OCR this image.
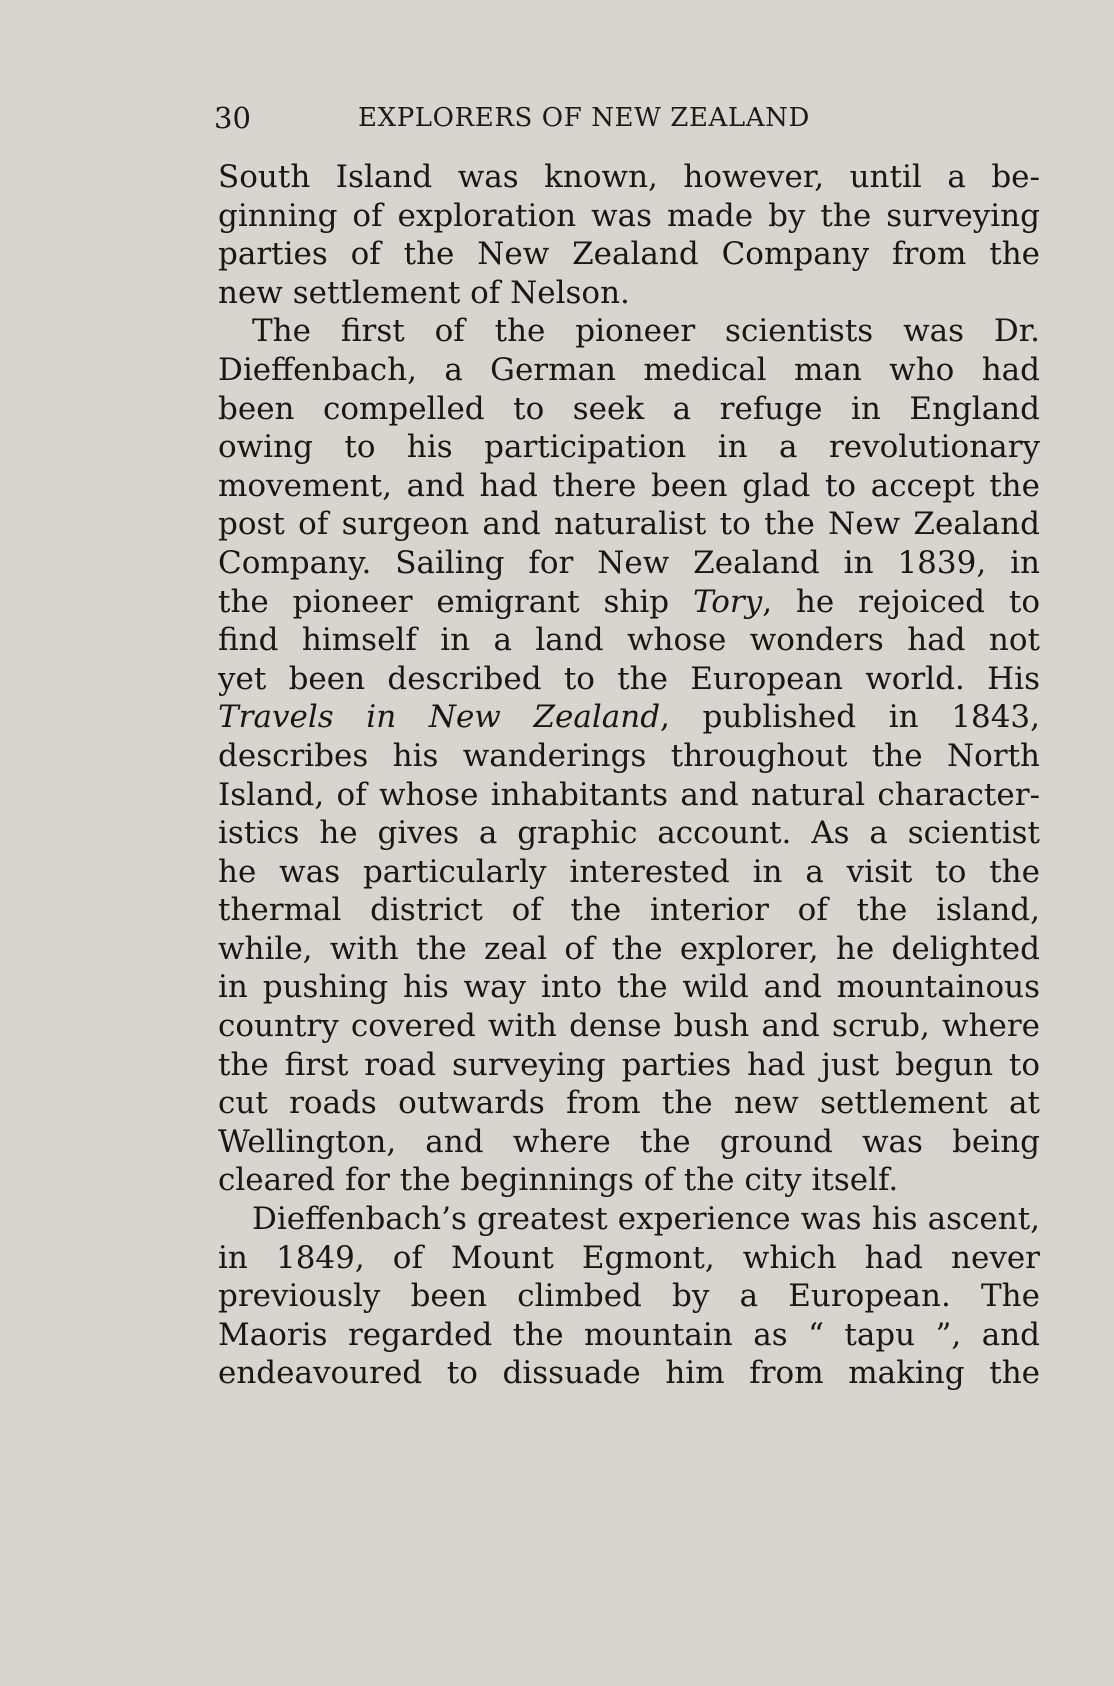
30	EXPLORERS OF NEW ZEALAND
South Island was known, however, until a be-
ginning of exploration was made by the surveying
parties of the New Zealand Company from the
new settlement of Nelson.
The first of the pioneer scientists was Dr.
Dieffenbach, a German medical man who had
been compelled to seek a refuge in England
owing to his participation in a revolutionary
movement, and had there been glad to accept the
post of surgeon and naturalist to the New Zealand
Company. Sailing for New Zealand in 1839, in
the pioneer emigrant ship Tory, he rejoiced to
find himself in a land whose wonders had not
yet been described to the European world. His
Travels in New Zealand, published in 1843,
describes his wanderings throughout the North
Island, of whose inhabitants and natural character-
istics he gives a graphic account. As a scientist
he was particularly interested in a visit to the
thermal district of the interior of the island,
while, with the zeal of the explorer, he delighted
in pushing his way into the wild and mountainous
country covered with dense bush and scrub, where
the first road surveying parties had just begun to
cut roads outwards from the new settlement at
Wellington, and where the ground was being
cleared for the beginnings of the city itself.
Dieffenbach’s greatest experience was his ascent,
in 1849, of Mount Egmont, which had never
previously been climbed by a European. The
Maoris regarded the mountain as “ tapu ”, and
endeavoured to dissuade him from making the
